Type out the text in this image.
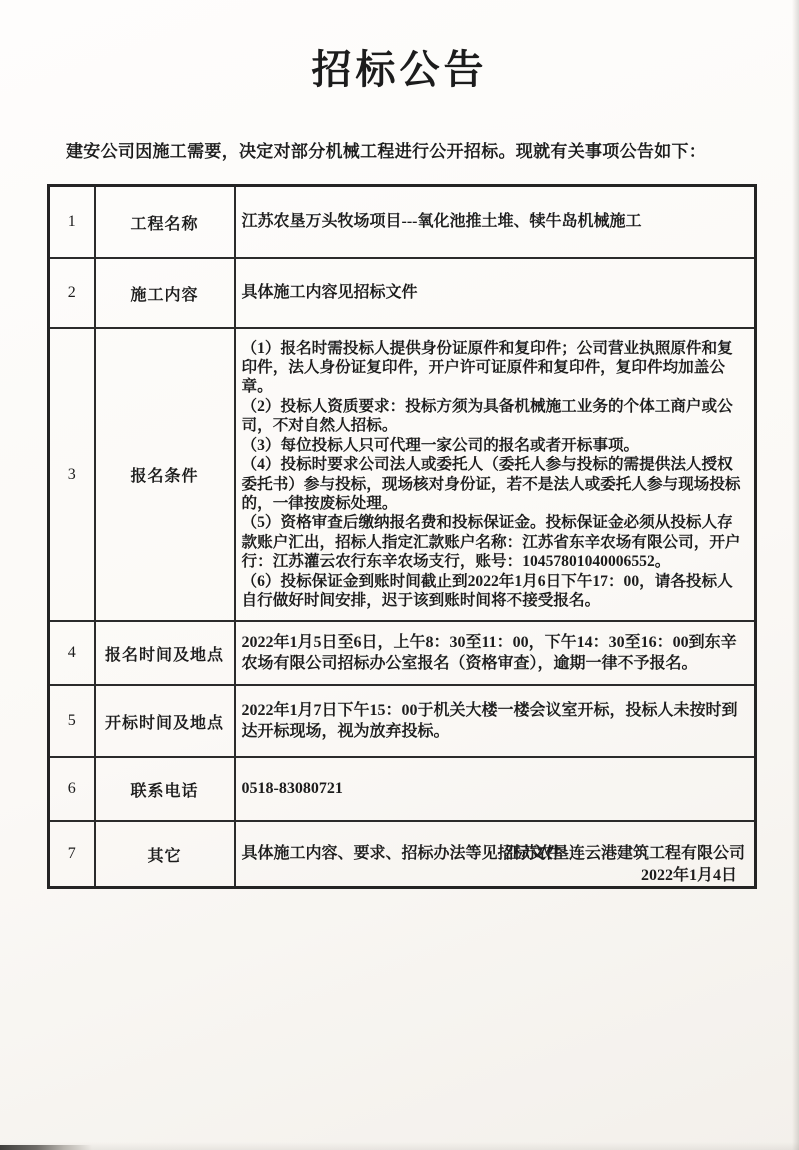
招标公告

建安公司因施工需要，决定对部分机械工程进行公开招标。现就有关事项公告如下：

1	工程名称	江苏农垦万头牧场项目---氧化池推土堆、犊牛岛机械施工

2	施工内容	具体施工内容见招标文件

3	报名条件	

（1）报名时需投标人提供身份证原件和复印件；公司营业执照原件和复印件，法人身份证复印件，开户许可证原件和复印件，复印件均加盖公章。

（2）投标人资质要求：投标方须为具备机械施工业务的个体工商户或公司，不对自然人招标。

（3）每位投标人只可代理一家公司的报名或者开标事项。

（4）投标时要求公司法人或委托人（委托人参与投标的需提供法人授权委托书）参与投标，现场核对身份证，若不是法人或委托人参与现场投标的，一律按废标处理。

（5）资格审查后缴纳报名费和投标保证金。投标保证金必须从投标人存款账户汇出，招标人指定汇款账户名称：江苏省东辛农场有限公司，开户行：江苏灌云农行东辛农场支行，账号：10457801040006552。

（6）投标保证金到账时间截止到2022年1月6日下午17：00，请各投标人自行做好时间安排，迟于该到账时间将不接受报名。

4	报名时间及地点	2022年1月5日至6日，上午8：30至11：00，下午14：30至16：00到东辛农场有限公司招标办公室报名（资格审查），逾期一律不予报名。

5	开标时间及地点	2022年1月7日下午15：00于机关大楼一楼会议室开标，投标人未按时到达开标现场，视为放弃投标。

6	联系电话	0518-83080721

7	其它	具体施工内容、要求、招标办法等见招标文件

江苏农垦连云港建筑工程有限公司
2022年1月4日
